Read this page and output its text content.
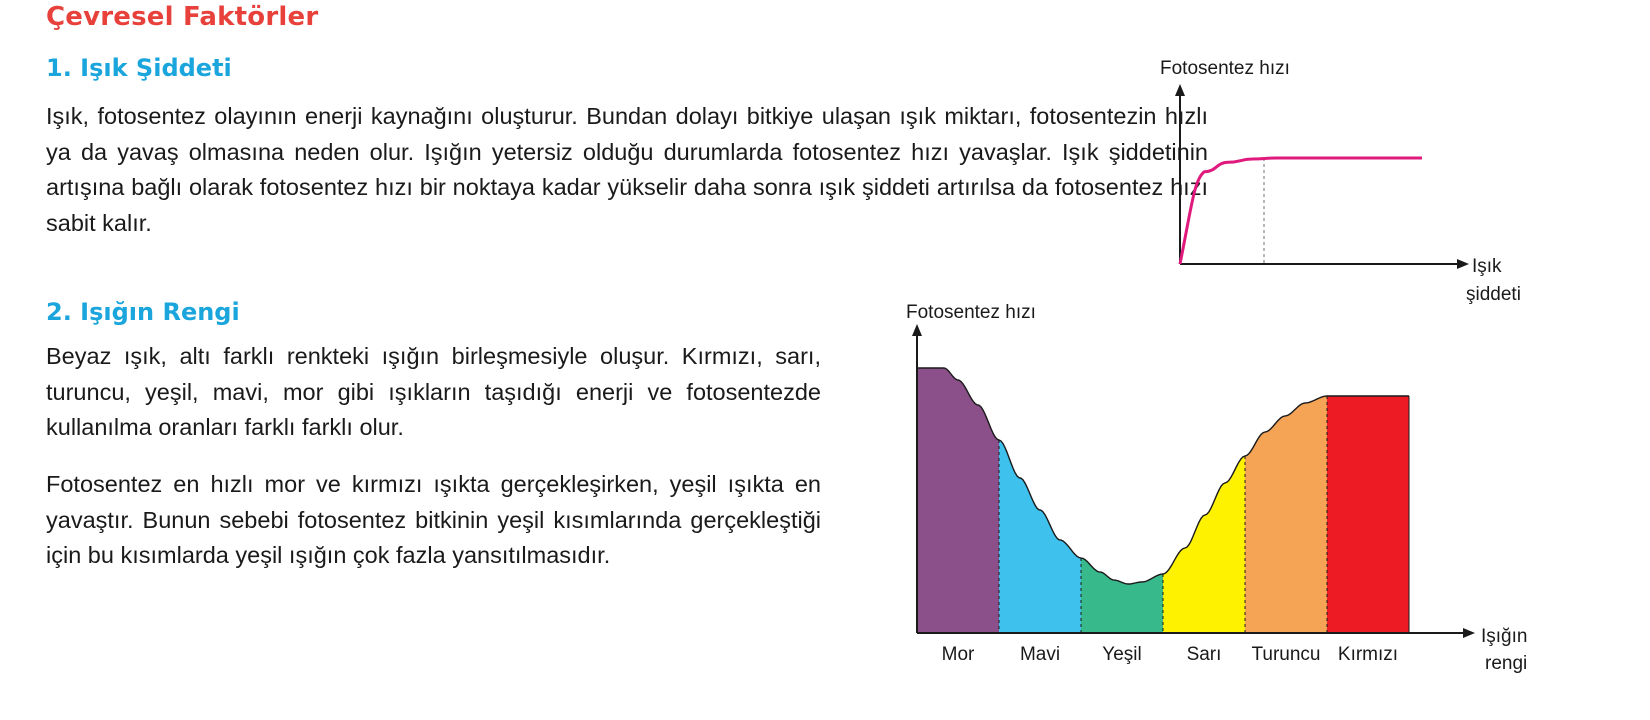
Çevresel Faktörler
1. Işık Şiddeti

Işık, fotosentez olayının enerji kaynağını oluşturur. Bundan dolayı bitkiye ulaşan ışık miktarı, fotosentezin hızlı ya da yavaş olmasına neden olur. Işığın yetersiz olduğu durumlarda fotosentez hızı yavaşlar. Işık şiddetinin artışına bağlı olarak fotosentez hızı bir noktaya kadar yükselir daha sonra ışık şiddeti artırılsa da fotosentez hızı sabit kalır.

2. Işığın Rengi

Beyaz ışık, altı farklı renkteki ışığın birleşmesiyle oluşur. Kırmızı, sarı, turuncu, yeşil, mavi, mor gibi ışıkların taşıdığı enerji ve fotosentezde kullanılma oranları farklı farklı olur.

Fotosentez en hızlı mor ve kırmızı ışıkta gerçekleşirken, yeşil ışıkta en yavaştır. Bunun sebebi fotosentez bitkinin yeşil kısımlarında gerçekleştiği için bu kısımlarda yeşil ışığın çok fazla yansıtılmasıdır.

Fotosentez hızı
Işık
şiddeti
Fotosentez hızı
Işığın
rengi
Mor Mavi Yeşil Sarı Turuncu Kırmızı
